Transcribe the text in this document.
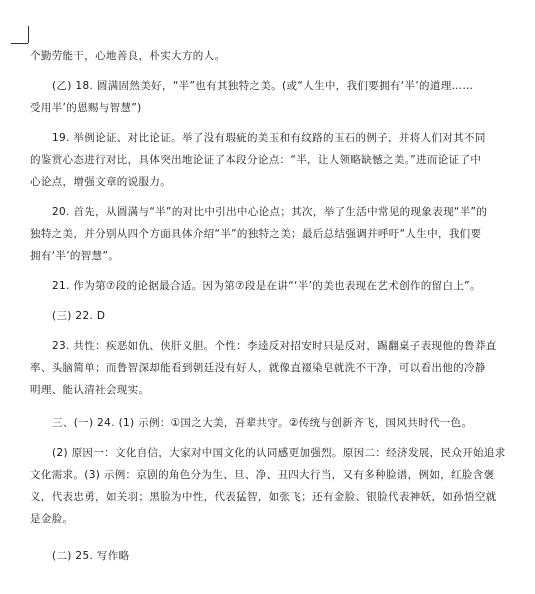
个勤劳能干，心地善良，朴实大方的人。

(乙) 18. 圆满固然美好，“半”也有其独特之美。(或“人生中，我们要拥有‘半’的道理……

受用半’的恩赐与智慧”)

19. 举例论证、对比论证。举了没有瑕疵的美玉和有纹路的玉石的例子，并将人们对其不同

的鉴赏心态进行对比，具体突出地论证了本段分论点：“半，让人领略缺憾之美。”进而论证了中

心论点，增强文章的说服力。

20. 首先，从圆满与“半”的对比中引出中心论点；其次，举了生活中常见的现象表现“半”的

独特之美，并分别从四个方面具体介绍“半”的独特之美；最后总结强调并呼吁“人生中，我们要

拥有‘半’的智慧”。

21. 作为第⑦段的论据最合适。因为第⑦段是在讲“‘半’的美也表现在艺术创作的留白上”。

(三) 22. D

23. 共性：疾恶如仇、侠肝义胆。个性：李逵反对招安时只是反对，踢翻桌子表现他的鲁莽直

率、头脑简单；而鲁智深却能看到朝廷没有好人，就像直裰染皂就洗不干净，可以看出他的冷静

明理、能认清社会现实。

三、(一) 24. (1) 示例：①国之大美，吾辈共守。②传统与创新齐飞，国风共时代一色。

(2) 原因一：文化自信，大家对中国文化的认同感更加强烈。原因二：经济发展，民众开始追求

文化需求。(3) 示例：京剧的角色分为生、旦、净、丑四大行当，又有多种脸谱，例如，红脸含褒

义，代表忠勇，如关羽；黑脸为中性，代表猛智，如张飞；还有金脸、银脸代表神妖，如孙悟空就

是金脸。

(二) 25. 写作略
